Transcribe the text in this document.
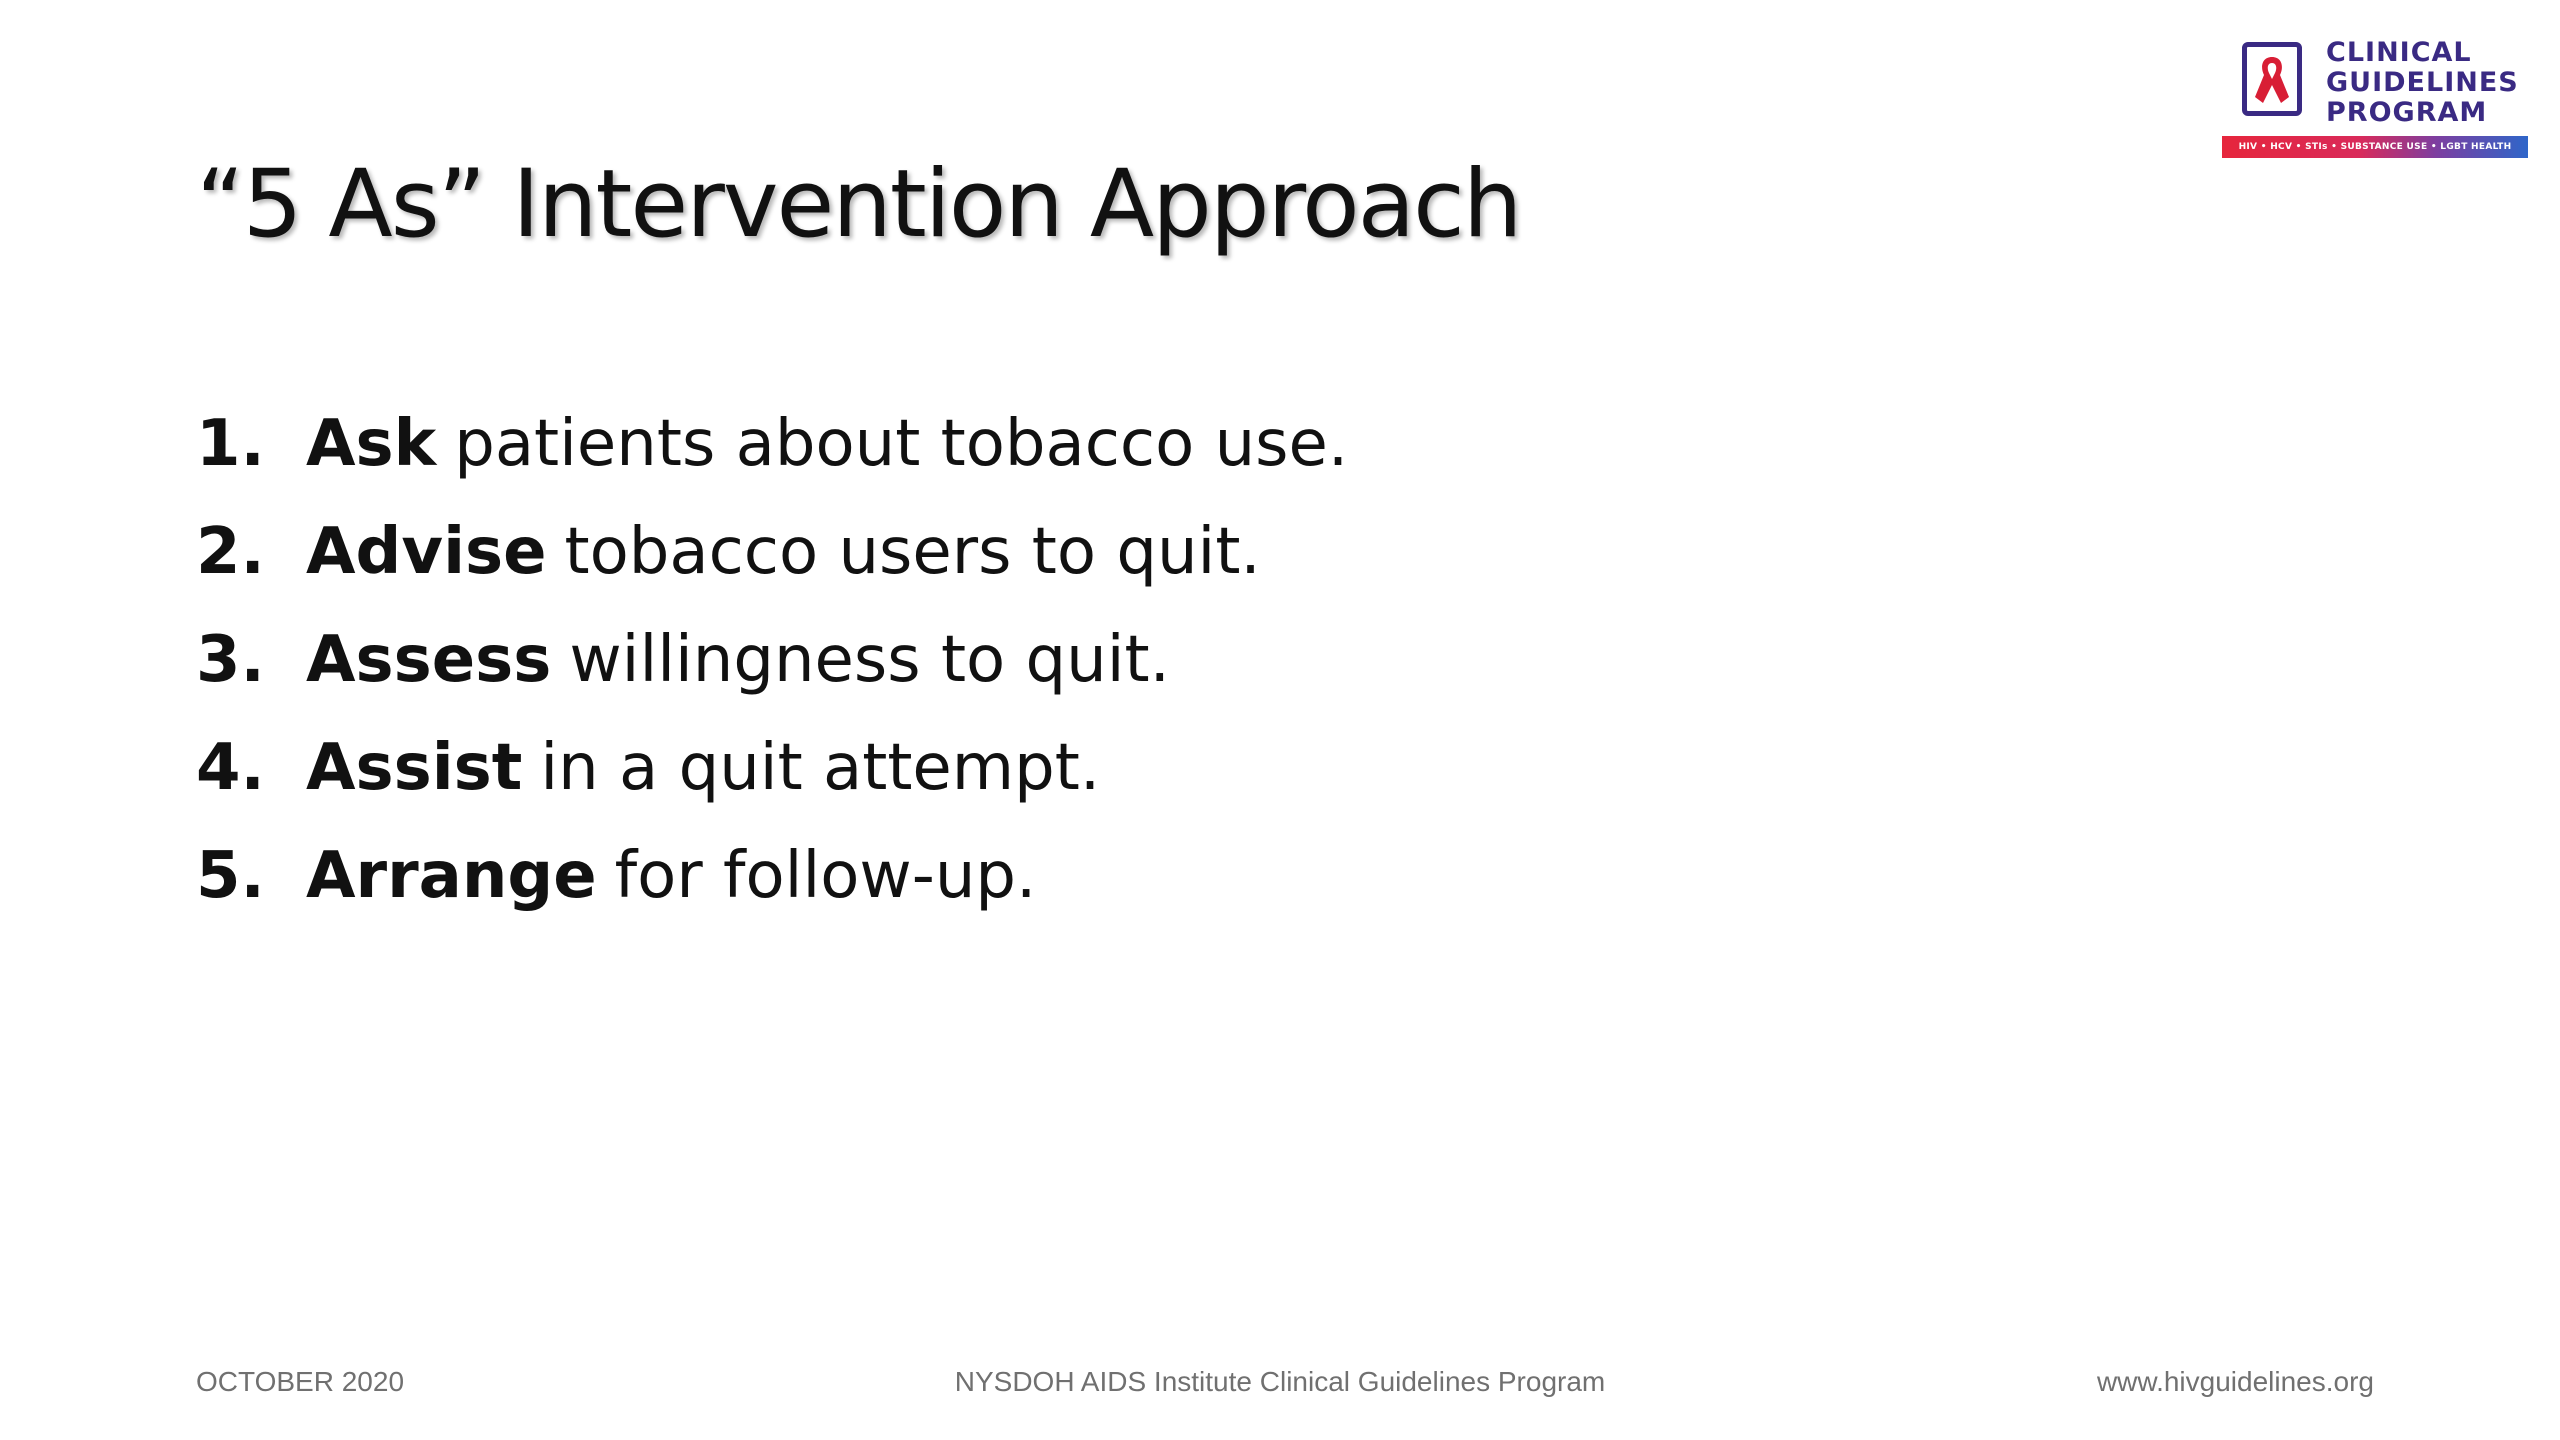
CLINICAL
GUIDELINES
PROGRAM
HIV • HCV • STIs • SUBSTANCE USE • LGBT HEALTH
“5 As” Intervention Approach
1. Ask patients about tobacco use.
2. Advise tobacco users to quit.
3. Assess willingness to quit.
4. Assist in a quit attempt.
5. Arrange for follow-up.
NYSDOH AIDS Institute Clinical Guidelines Program
OCTOBER 2020	www.hivguidelines.org
